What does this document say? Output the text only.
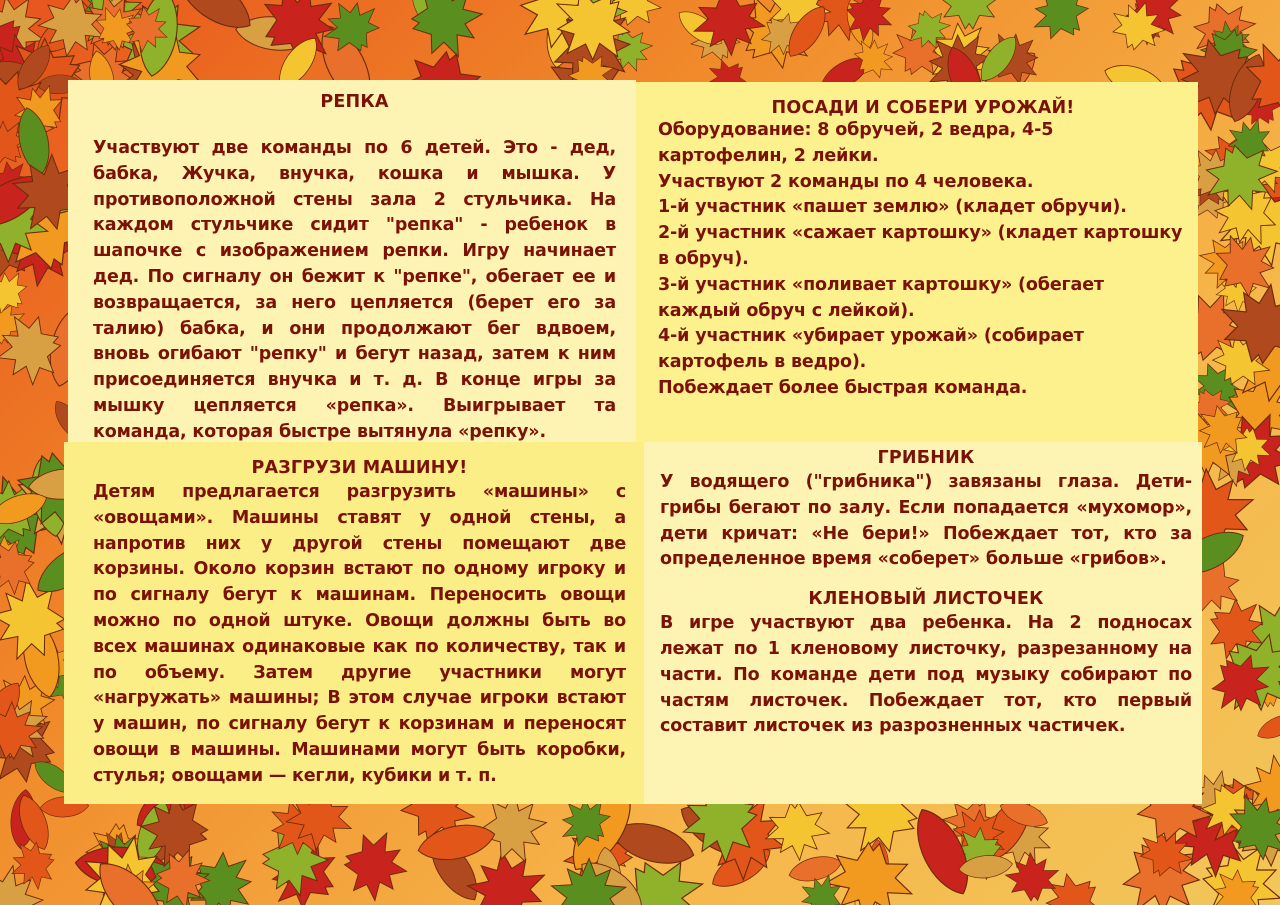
РЕПКА

Участвуют две команды по 6 детей. Это - дед, бабка, Жучка, внучка, кошка и мышка. У противоположной стены зала 2 стульчика. На каждом стульчике сидит "репка" - ребенок в шапочке с изображением репки. Игру начинает дед. По сигналу он бежит к "репке", обегает ее и возвращается, за него цепляется (берет его за талию) бабка, и они продолжают бег вдвоем, вновь огибают "репку" и бегут назад, затем к ним присоединяется внучка и т. д. В конце игры за мышку цепляется «репка». Выигрывает та команда, которая быстре вытянула «репку».

ПОСАДИ И СОБЕРИ УРОЖАЙ!

Оборудование: 8 обручей, 2 ведра, 4-5 картофелин, 2 лейки.

Участвуют 2 команды по 4 человека.

1-й участник «пашет землю» (кладет обручи).

2-й участник «сажает картошку» (кладет картошку в обруч).

3-й участник «поливает картошку» (обегает каждый обруч с лейкой).

4-й участник «убирает урожай» (собирает картофель в ведро).

Побеждает более быстрая команда.

РАЗГРУЗИ МАШИНУ!

Детям предлагается разгрузить «машины» с «овощами». Машины ставят у одной стены, а напротив них у другой стены помещают две корзины. Около корзин встают по одному игроку и по сигналу бегут к машинам. Переносить овощи можно по одной штуке. Овощи должны быть во всех машинах одинаковые как по количеству, так и по объему. Затем другие участники могут «нагружать» машины; В этом случае игроки встают у машин, по сигналу бегут к корзинам и переносят овощи в машины. Машинами могут быть коробки, стулья; овощами — кегли, кубики и т. п.

ГРИБНИК

У водящего ("грибника") завязаны глаза. Дети-грибы бегают по залу. Если попадается «мухомор», дети кричат: «Не бери!» Побеждает тот, кто за определенное время «соберет» больше «грибов».

КЛЕНОВЫЙ ЛИСТОЧЕК

В игре участвуют два ребенка. На 2 подносах лежат по 1 кленовому листочку, разрезанному на части. По команде дети под музыку собирают по частям листочек. Побеждает тот, кто первый составит листочек из разрозненных частичек.
